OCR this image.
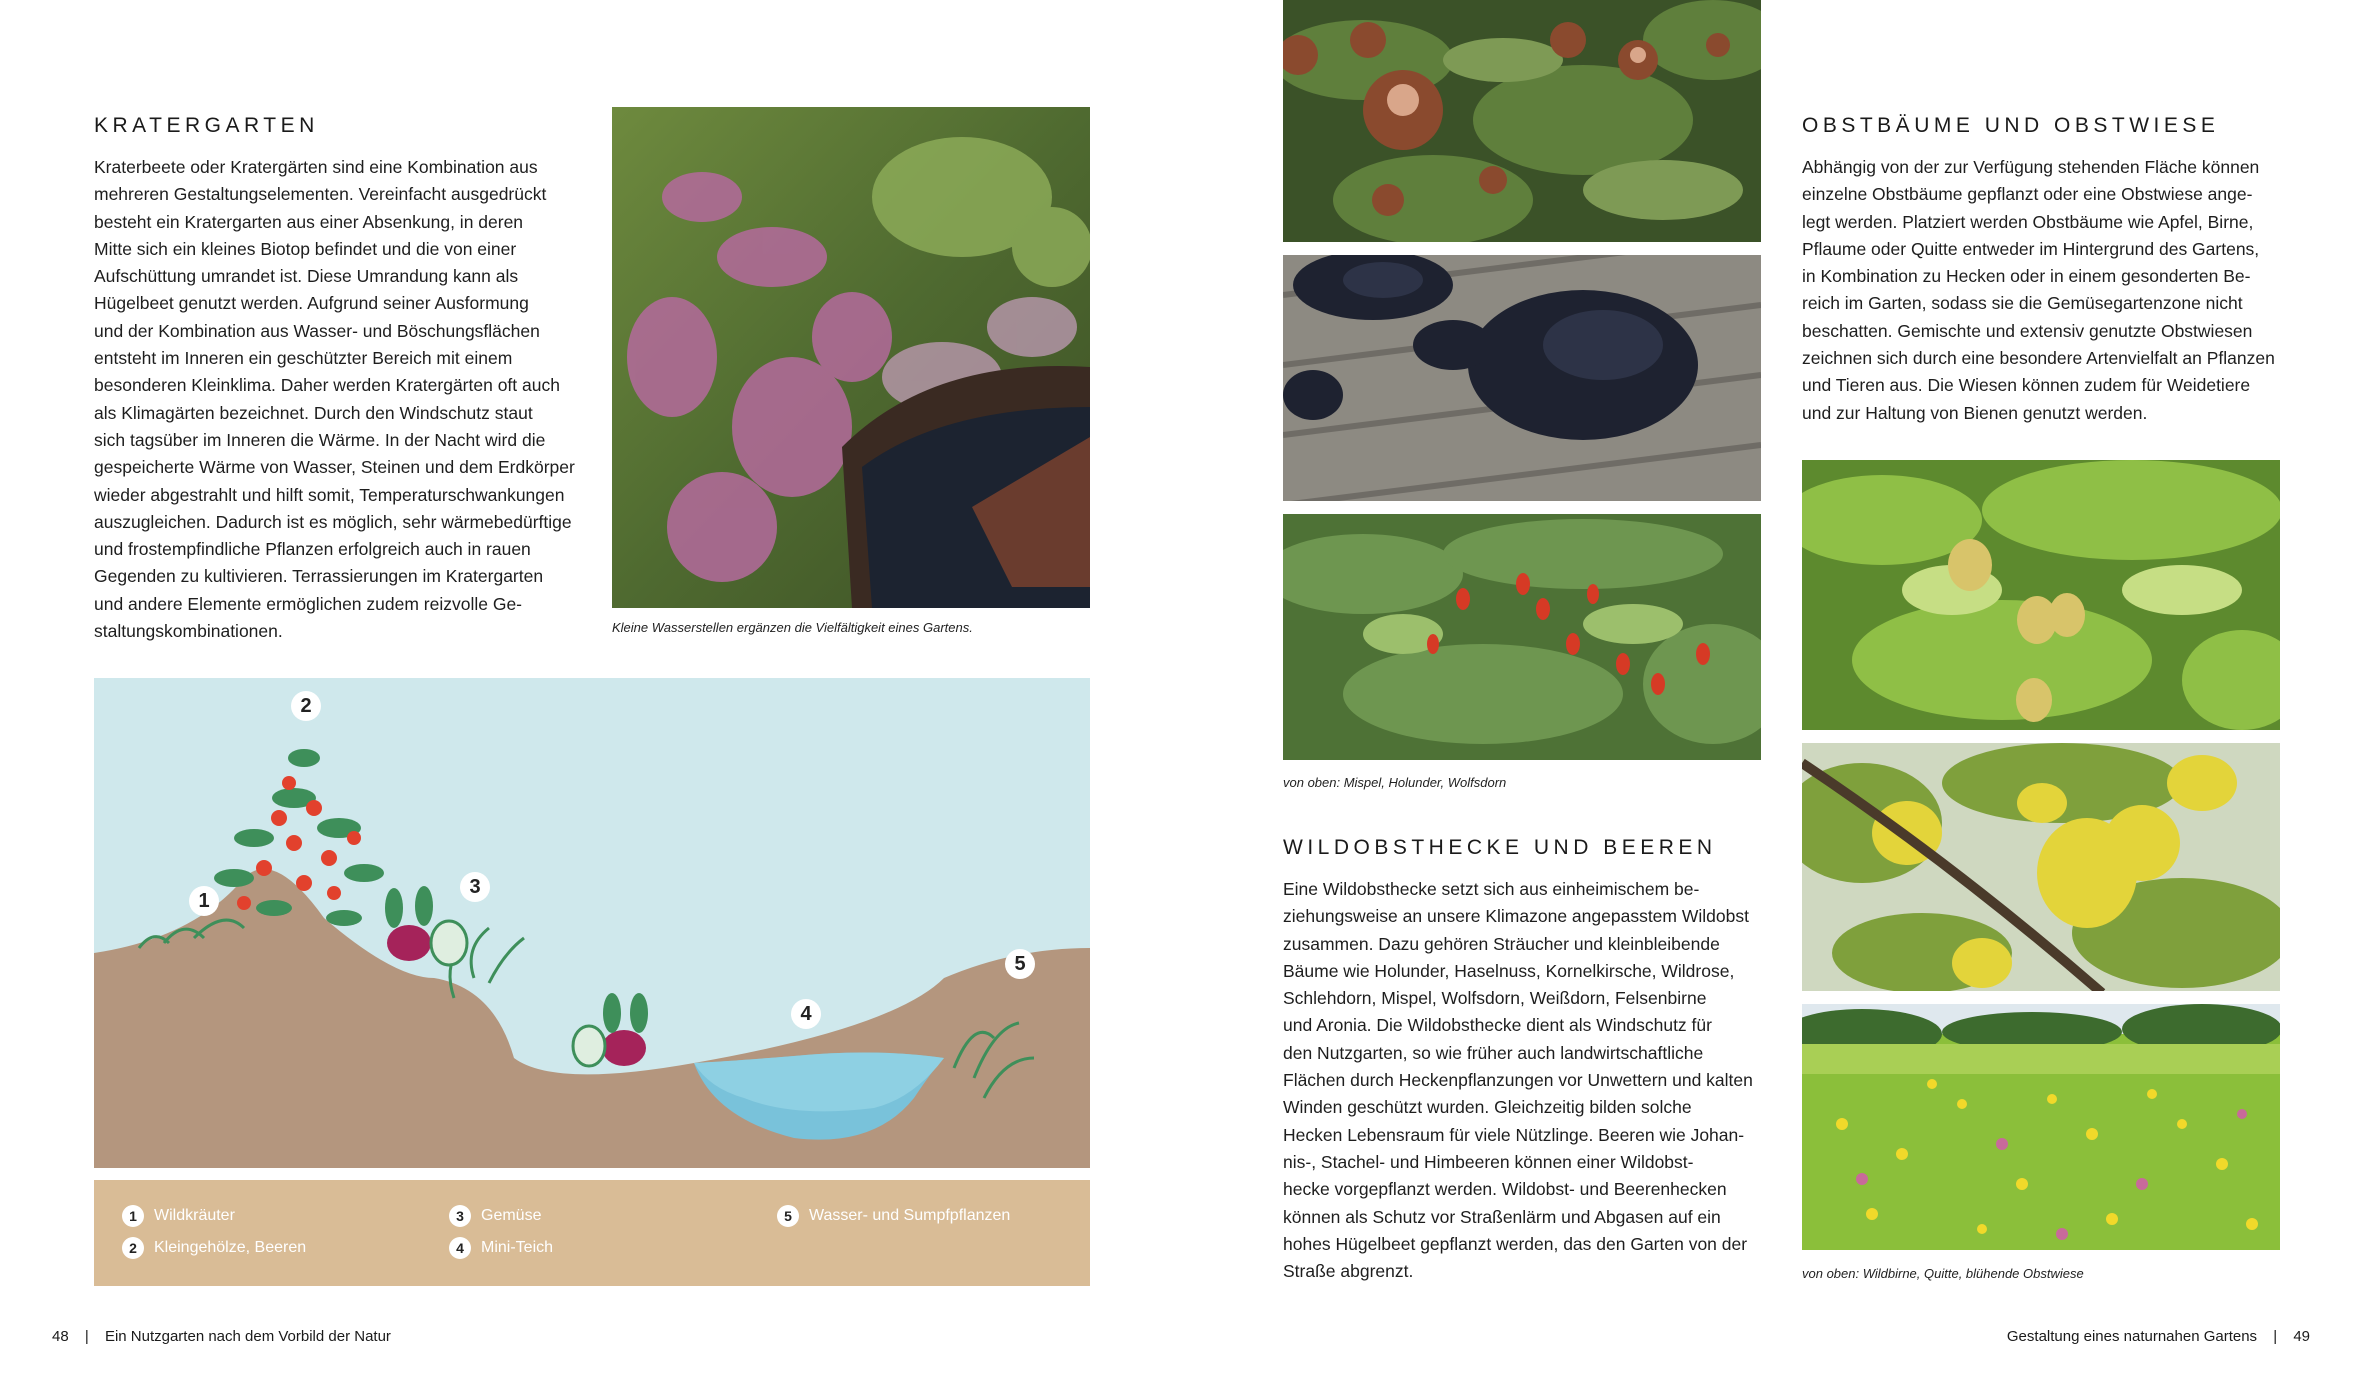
KRATERGARTEN
Kraterbeete oder Kratergärten sind eine Kombination aus
mehreren Gestaltungselementen. Vereinfacht ausgedrückt
besteht ein Kratergarten aus einer Absenkung, in deren
Mitte sich ein kleines Biotop befindet und die von einer
Aufschüttung umrandet ist. Diese Umrandung kann als
Hügelbeet genutzt werden. Aufgrund seiner Ausformung
und der Kombination aus Wasser- und Böschungsflächen
entsteht im Inneren ein geschützter Bereich mit einem
besonderen Kleinklima. Daher werden Kratergärten oft auch
als Klimagärten bezeichnet. Durch den Windschutz staut
sich tagsüber im Inneren die Wärme. In der Nacht wird die
gespeicherte Wärme von Wasser, Steinen und dem Erdkörper
wieder abgestrahlt und hilft somit, Temperaturschwankungen
auszugleichen. Dadurch ist es möglich, sehr wärmebedürftige
und frostempfindliche Pflanzen erfolgreich auch in rauen
Gegenden zu kultivieren. Terrassierungen im Kratergarten
und andere Elemente ermöglichen zudem reizvolle Ge-
staltungskombinationen.	Kleine Wasserstellen ergänzen die Vielfältigkeit eines Gartens.
2
1
3
4
5
1	Wildkräuter
2	Kleingehölze, Beeren
3	Gemüse
4	Mini-Teich
5	Wasser- und Sumpfpflanzen
48 | Ein Nutzgarten nach dem Vorbild der Natur
von oben: Mispel, Holunder, Wolfsdorn
WILDOBSTHECKE UND BEEREN
Eine Wildobsthecke setzt sich aus einheimischem be-
ziehungsweise an unsere Klimazone angepasstem Wildobst
zusammen. Dazu gehören Sträucher und kleinbleibende
Bäume wie Holunder, Haselnuss, Kornelkirsche, Wildrose,
Schlehdorn, Mispel, Wolfsdorn, Weißdorn, Felsenbirne
und Aronia. Die Wildobsthecke dient als Windschutz für
den Nutzgarten, so wie früher auch landwirtschaftliche
Flächen durch Heckenpflanzungen vor Unwettern und kalten
Winden geschützt wurden. Gleichzeitig bilden solche
Hecken Lebensraum für viele Nützlinge. Beeren wie Johan-
nis-, Stachel- und Himbeeren können einer Wildobst-
hecke vorgepflanzt werden. Wildobst- und Beerenhecken
können als Schutz vor Straßenlärm und Abgasen auf ein
hohes Hügelbeet gepflanzt werden, das den Garten von der
Straße abgrenzt.
OBSTBÄUME UND OBSTWIESE
Abhängig von der zur Verfügung stehenden Fläche können
einzelne Obstbäume gepflanzt oder eine Obstwiese ange-
legt werden. Platziert werden Obstbäume wie Apfel, Birne,
Pflaume oder Quitte entweder im Hintergrund des Gartens,
in Kombination zu Hecken oder in einem gesonderten Be-
reich im Garten, sodass sie die Gemüsegartenzone nicht
beschatten. Gemischte und extensiv genutzte Obstwiesen
zeichnen sich durch eine besondere Artenvielfalt an Pflanzen
und Tieren aus. Die Wiesen können zudem für Weidetiere
und zur Haltung von Bienen genutzt werden.
von oben: Wildbirne, Quitte, blühende Obstwiese
Gestaltung eines naturnahen Gartens | 49
